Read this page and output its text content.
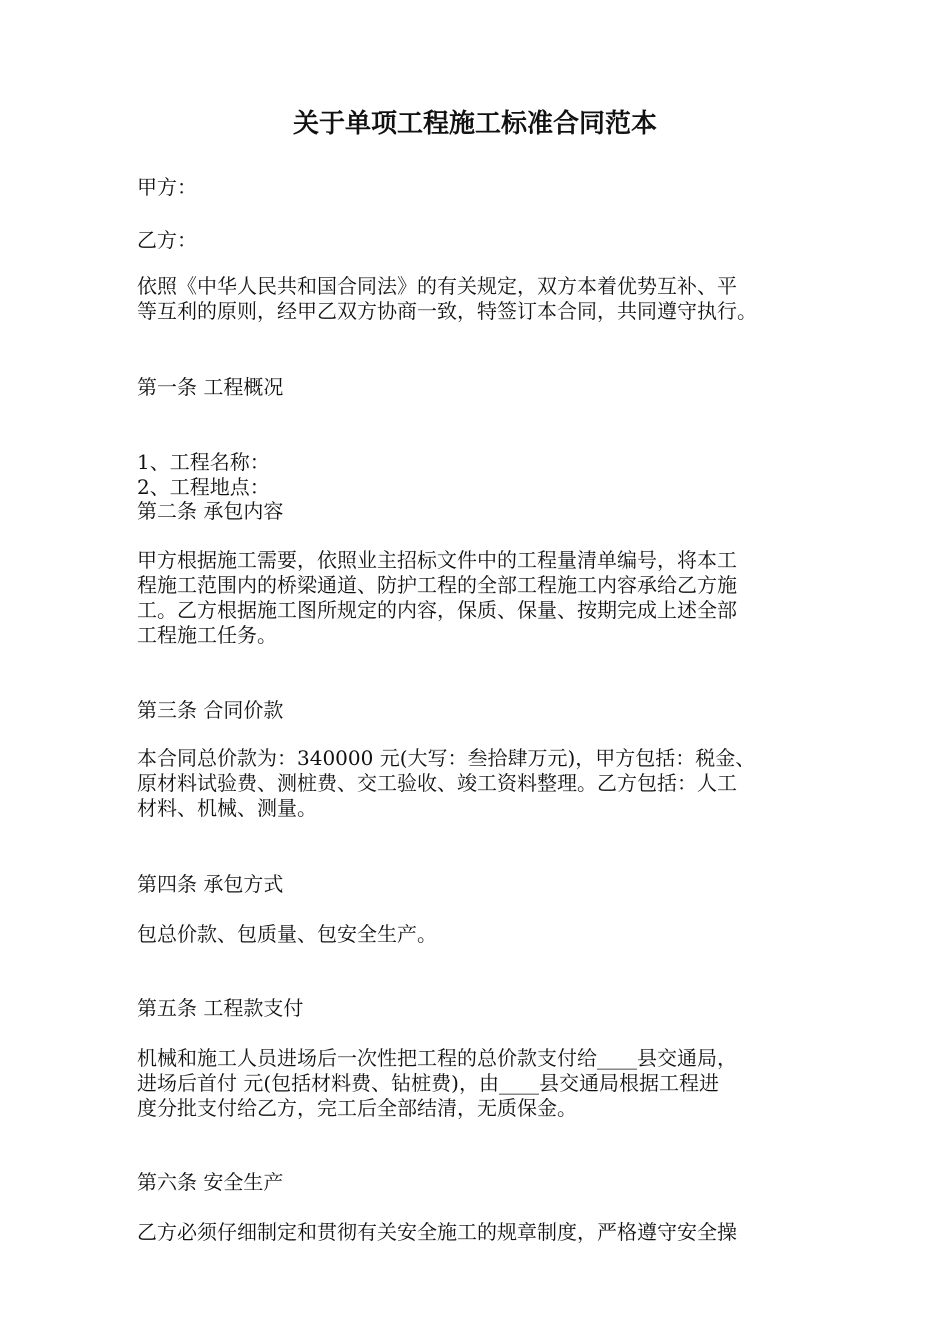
关于单项工程施工标准合同范本
甲方：
乙方：
依照《中华人民共和国合同法》的有关规定，双方本着优势互补、平
等互利的原则，经甲乙双方协商一致，特签订本合同，共同遵守执行。
第一条 工程概况
1、工程名称：
2、工程地点：
第二条 承包内容
甲方根据施工需要，依照业主招标文件中的工程量清单编号，将本工
程施工范围内的桥梁通道、防护工程的全部工程施工内容承给乙方施
工。乙方根据施工图所规定的内容，保质、保量、按期完成上述全部
工程施工任务。
第三条 合同价款
本合同总价款为：340000 元(大写：叁拾肆万元)，甲方包括：税金、
原材料试验费、测桩费、交工验收、竣工资料整理。乙方包括：人工
材料、机械、测量。
第四条 承包方式
包总价款、包质量、包安全生产。
第五条 工程款支付
机械和施工人员进场后一次性把工程的总价款支付给____县交通局，
进场后首付 元(包括材料费、钻桩费)，由____县交通局根据工程进
度分批支付给乙方，完工后全部结清，无质保金。
第六条 安全生产
乙方必须仔细制定和贯彻有关安全施工的规章制度，严格遵守安全操
